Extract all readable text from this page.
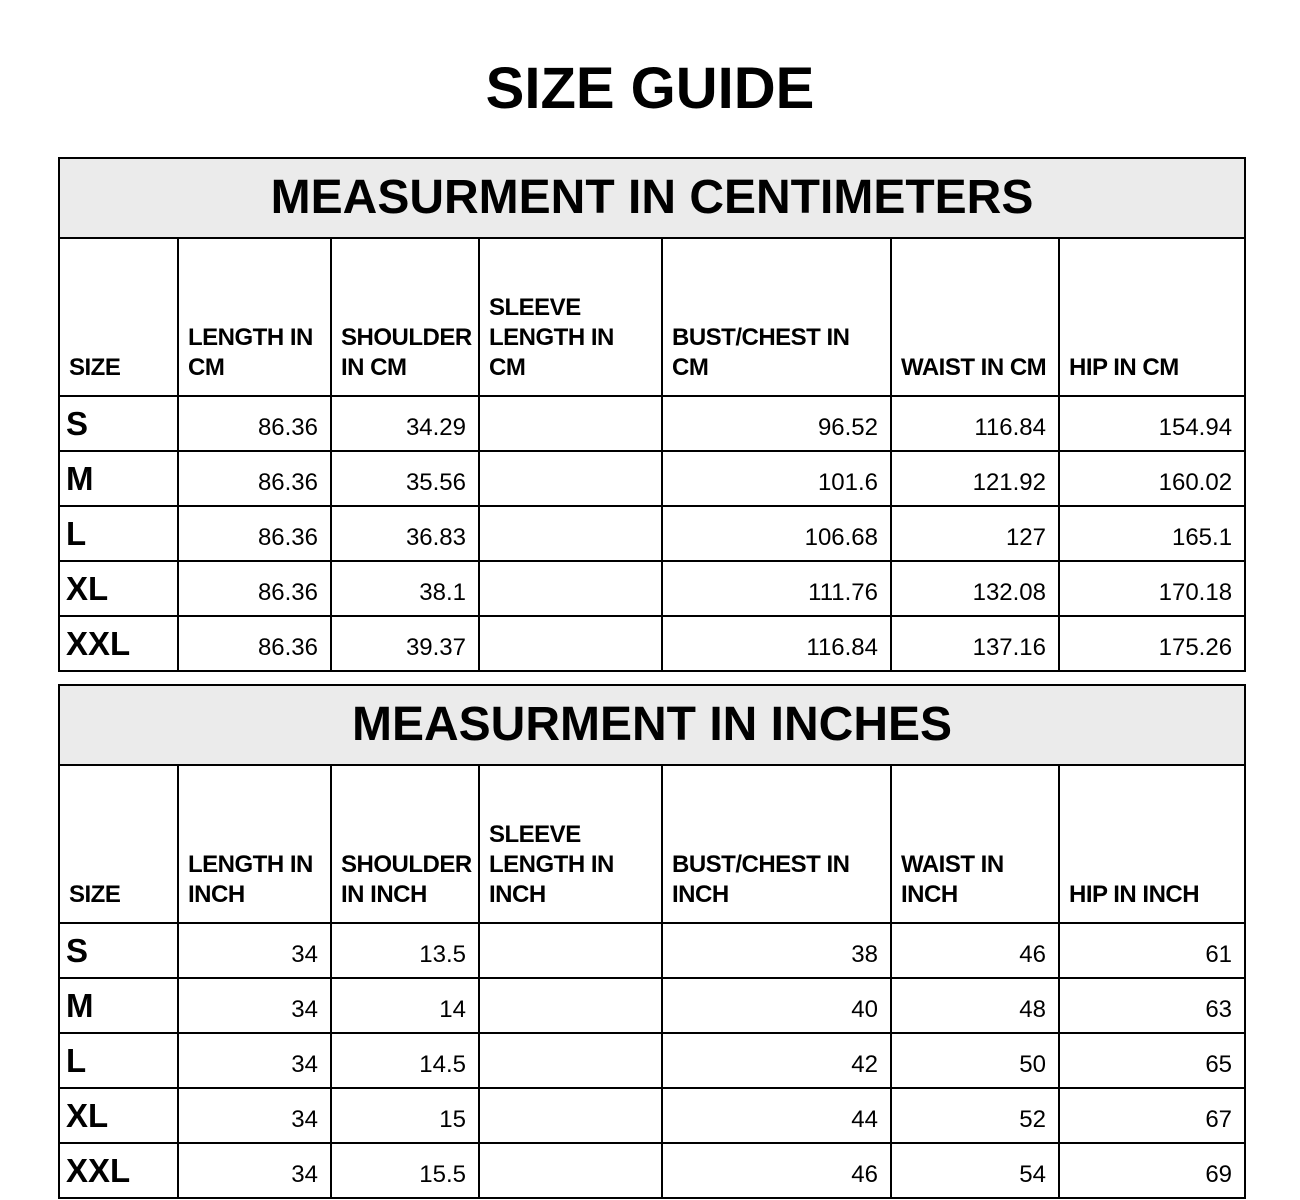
SIZE GUIDE
MEASURMENT IN CENTIMETERS						
SIZE	LENGTH IN CM	SHOULDER IN CM	SLEEVE LENGTH IN CM	BUST/CHEST IN CM	WAIST IN CM	HIP IN CM
S	86.36	34.29		96.52	116.84	154.94
M	86.36	35.56		101.6	121.92	160.02
L	86.36	36.83		106.68	127	165.1
XL	86.36	38.1		111.76	132.08	170.18
XXL	86.36	39.37		116.84	137.16	175.26
MEASURMENT IN INCHES						
SIZE	LENGTH IN INCH	SHOULDER IN INCH	SLEEVE LENGTH IN INCH	BUST/CHEST IN INCH	WAIST IN INCH	HIP IN INCH
S	34	13.5		38	46	61
M	34	14		40	48	63
L	34	14.5		42	50	65
XL	34	15		44	52	67
XXL	34	15.5		46	54	69
